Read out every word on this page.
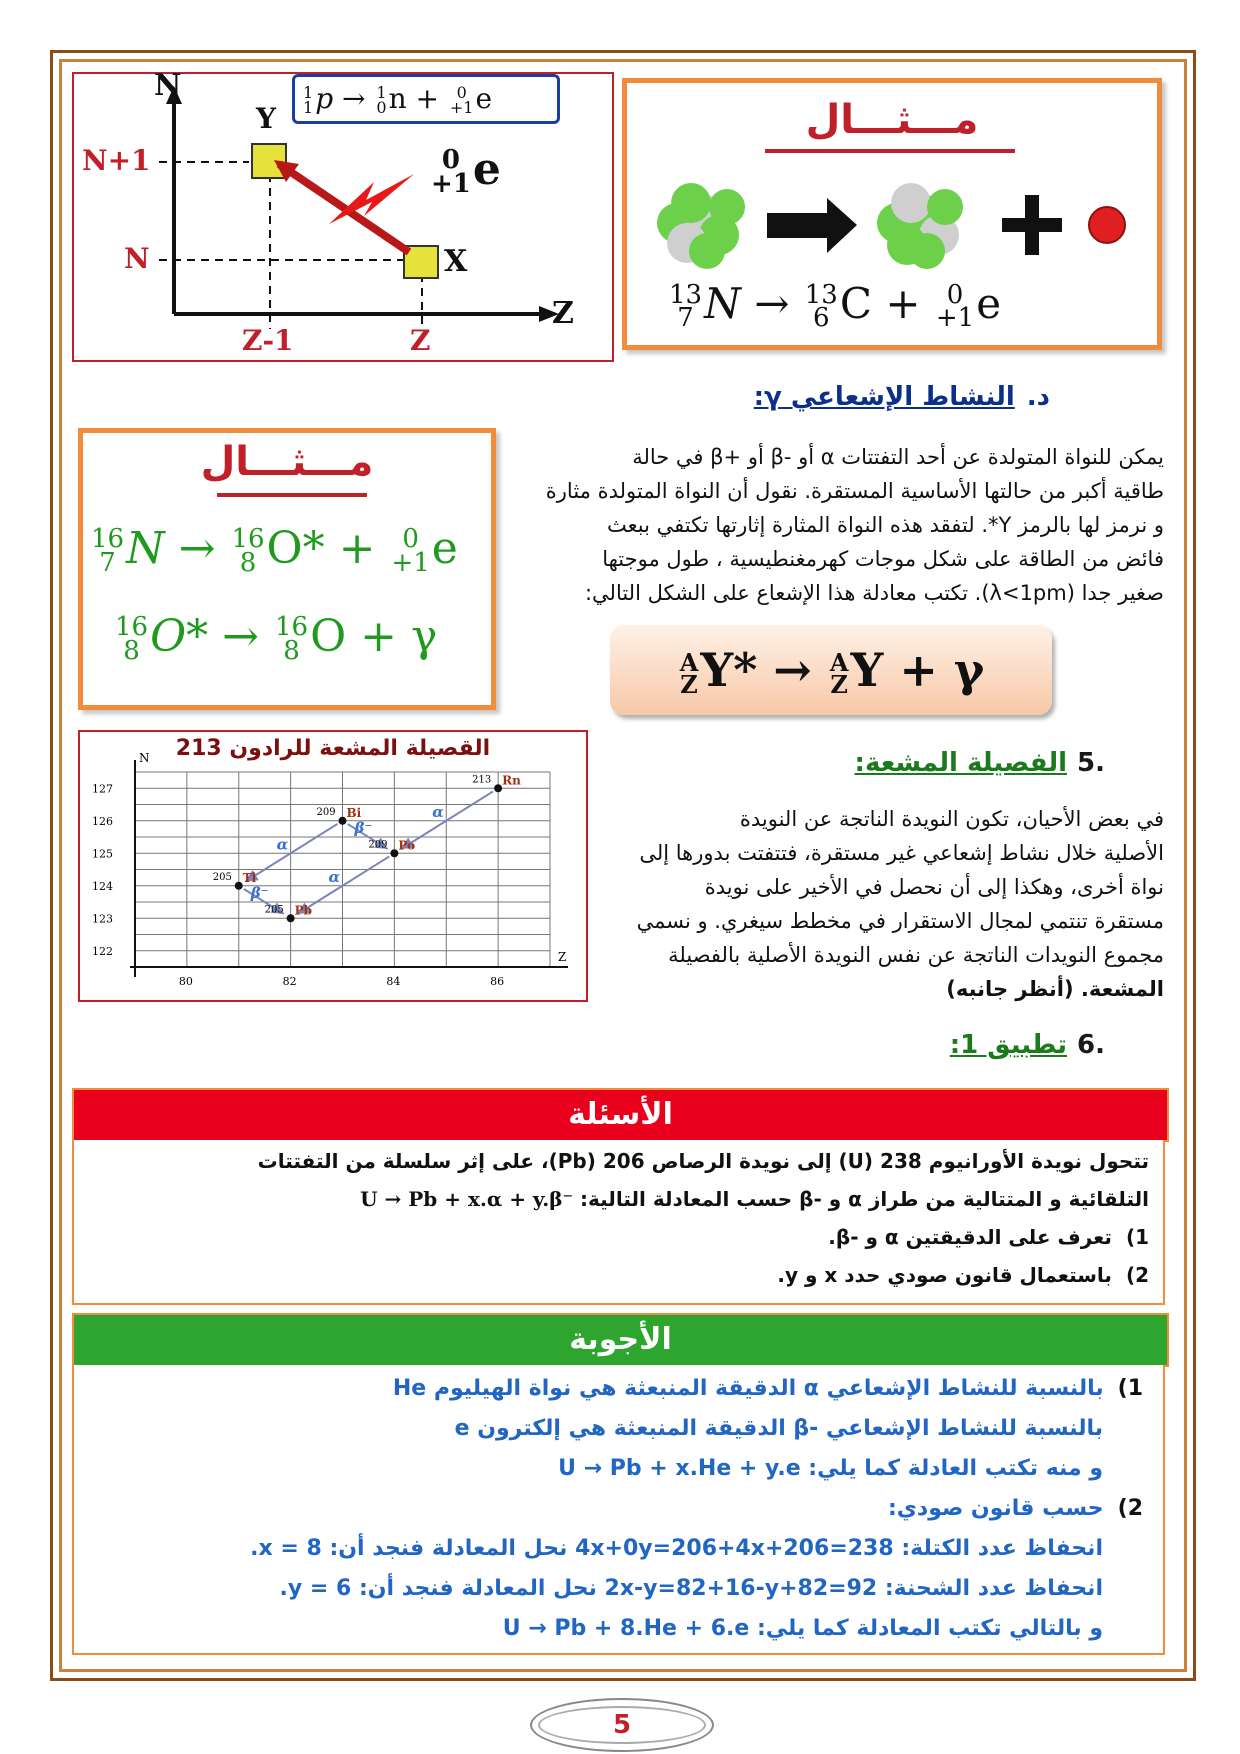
N
Z
N+1
N
Z-1	Z
Y
X
0
+1 e
1
1 p → 1
0 n + 0
+1 e	مـــثـــال
13
7 N → 13
6 C + 0
+1 e
د.النشاط الإشعاعي γ:

يمكن للنواة المتولدة عن أحد التفتتات α أو -β أو +β في حالة

طاقية أكبر من حالتها الأساسية المستقرة. نقول أن النواة المتولدة مثارة

و نرمز لها بالرمز Y*. لتفقد هذه النواة المثارة إثارتها تكتفي ببعث

فائض من الطاقة على شكل موجات كهرمغنطيسية ، طول موجتها

صغير جدا (λ<1pm). تكتب معادلة هذا الإشعاع على الشكل التالي:

A
Z Y* → A
Z Y + γ
مـــثـــال
16
7 N → 16
8 O* + 0
+1 e
16
8 O* → 16
8 O + γ
القصيلة المشعة للرادون 213
N
Z
122
123
124
125
126
127
80	82	84	86
α
β⁻
α
α
β⁻
213 Rn
209 Bi
209 Po
205 Tl
205 Pb
.5الفصيلة المشعة:

في بعض الأحيان، تكون النويدة الناتجة عن النويدة

الأصلية خلال نشاط إشعاعي غير مستقرة، فتتفتت بدورها إلى

نواة أخرى، وهكذا إلى أن نحصل في الأخير على نويدة

مستقرة تنتمي لمجال الاستقرار في مخطط سيغري. و نسمي

مجموع النويدات الناتجة عن نفس النويدة الأصلية بالفصيلة

المشعة. (أنظر جانبه)

.6تطبيق 1:
الأسئلة

تتحول نويدة الأورانيوم 238 (U) إلى نويدة الرصاص 206 (Pb)، على إثر سلسلة من التفتتات

التلقائية و المتتالية من طراز α و -β حسب المعادلة التالية: U → Pb + x.α + y.β⁻

1)تعرف على الدقيقتين α و -β.

2)باستعمال قانون صودي حدد x و y.

الأجوبة

1)بالنسبة للنشاط الإشعاعي α الدقيقة المنبعثة هي نواة الهيليوم He

بالنسبة للنشاط الإشعاعي -β الدقيقة المنبعثة هي إلكترون e

و منه تكتب العادلة كما يلي: U → Pb + x.He + y.e

2)حسب قانون صودي:

انحفاظ عدد الكتلة: 238=206+4x+0y=206+4x نحل المعادلة فنجد أن: 8 = x.

انحفاظ عدد الشحنة: 92=82+2x-y=82+16-y نحل المعادلة فنجد أن: 6 = y.

و بالتالي تكتب المعادلة كما يلي: U → Pb + 8.He + 6.e

5
